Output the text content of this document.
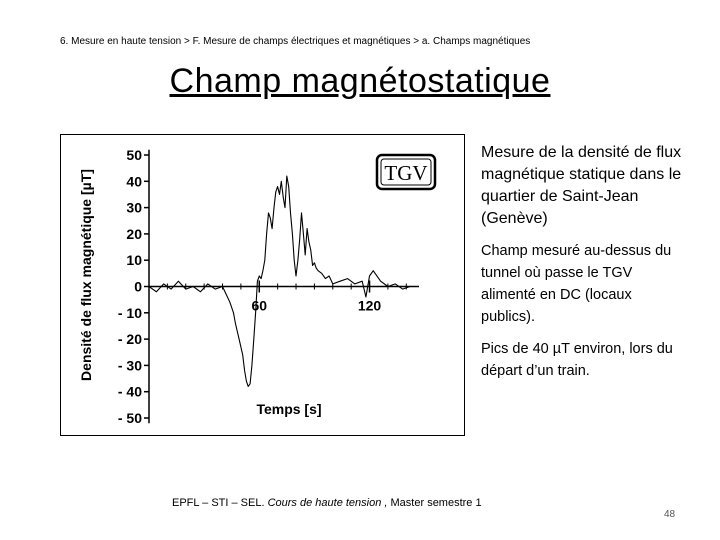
6. Mesure en haute tension > F. Mesure de champs électriques et magnétiques > a. Champs magnétiques
Champ magnétostatique
TGV
Densité de flux magnétique [µT]
Temps [s]
50
40
30
20
10
0
- 10
- 20
- 30
- 40
- 50
60	120
Mesure de la densité de flux magnétique statique dans le quartier de Saint-Jean (Genève)

Champ mesuré au-dessus du tunnel où passe le TGV alimenté en DC (locaux publics).

Pics de 40 µT environ, lors du départ d’un train.

EPFL – STI – SEL. Cours de haute tension , Master semestre 1
48
